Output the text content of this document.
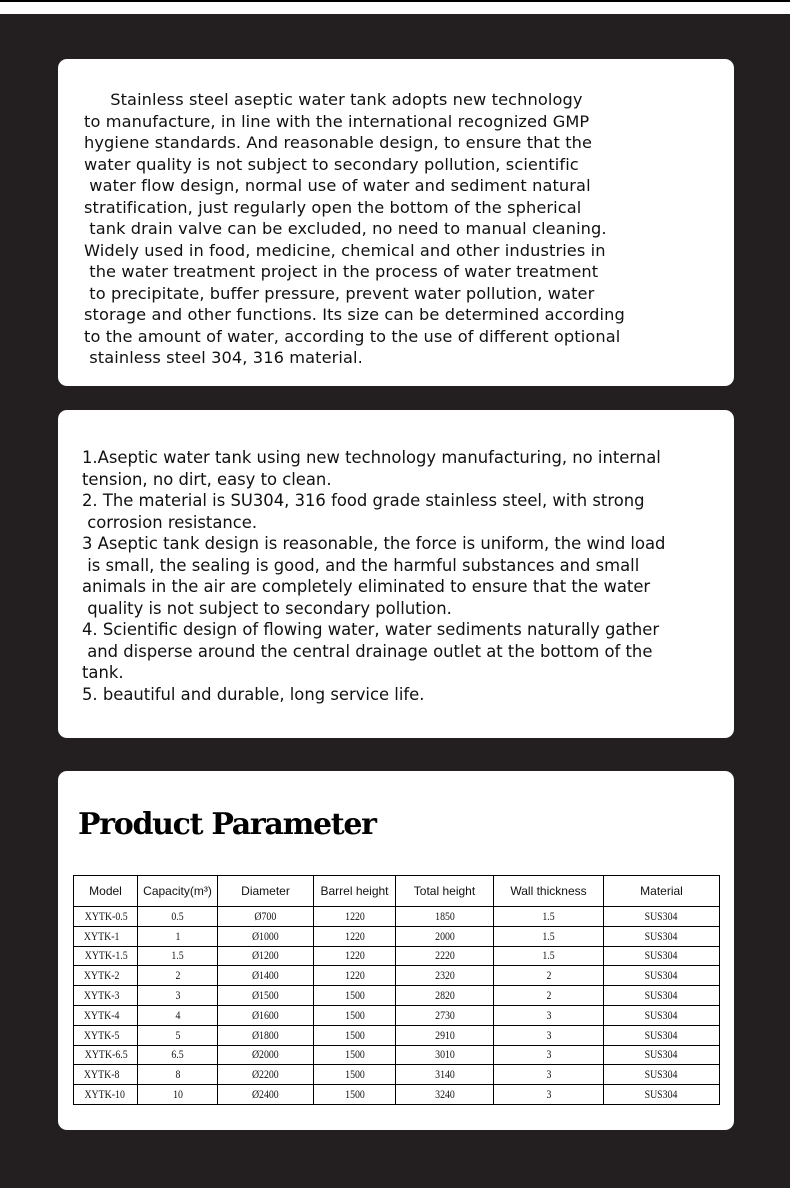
Stainless steel aseptic water tank adopts new technology
to manufacture, in line with the international recognized GMP
hygiene standards. And reasonable design, to ensure that the
water quality is not subject to secondary pollution, scientific
water flow design, normal use of water and sediment natural
stratification, just regularly open the bottom of the spherical
tank drain valve can be excluded, no need to manual cleaning.
Widely used in food, medicine, chemical and other industries in
the water treatment project in the process of water treatment
to precipitate, buffer pressure, prevent water pollution, water
storage and other functions. Its size can be determined according
to the amount of water, according to the use of different optional
stainless steel 304, 316 material.

1.Aseptic water tank using new technology manufacturing, no internal
tension, no dirt, easy to clean.
2. The material is SU304, 316 food grade stainless steel, with strong
corrosion resistance.
3 Aseptic tank design is reasonable, the force is uniform, the wind load
is small, the sealing is good, and the harmful substances and small
animals in the air are completely eliminated to ensure that the water
quality is not subject to secondary pollution.
4. Scientific design of flowing water, water sediments naturally gather
and disperse around the central drainage outlet at the bottom of the
tank.
5. beautiful and durable, long service life.
Product Parameter
Model	Capacity(m³)	Diameter	Barrel height	Total height	Wall thickness	Material
XYTK-0.5	0.5	Ø700	1220	1850	1.5	SUS304
XYTK-1	1	Ø1000	1220	2000	1.5	SUS304
XYTK-1.5	1.5	Ø1200	1220	2220	1.5	SUS304
XYTK-2	2	Ø1400	1220	2320	2	SUS304
XYTK-3	3	Ø1500	1500	2820	2	SUS304
XYTK-4	4	Ø1600	1500	2730	3	SUS304
XYTK-5	5	Ø1800	1500	2910	3	SUS304
XYTK-6.5	6.5	Ø2000	1500	3010	3	SUS304
XYTK-8	8	Ø2200	1500	3140	3	SUS304
XYTK-10	10	Ø2400	1500	3240	3	SUS304
